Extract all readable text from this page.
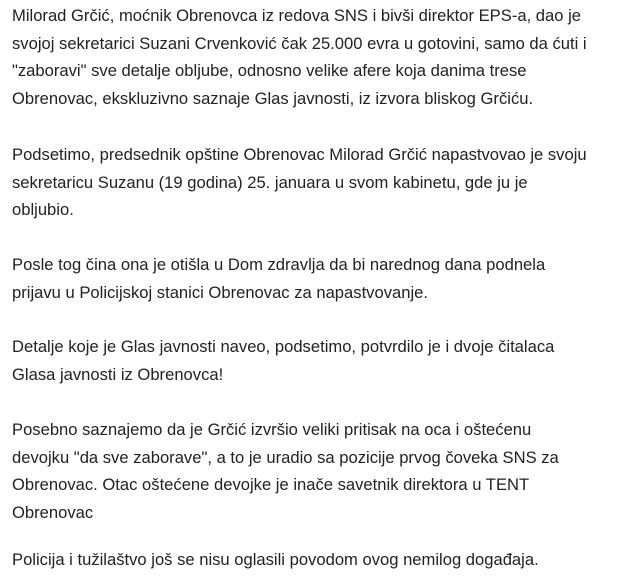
Milorad Grčić, moćnik Obrenovca iz redova SNS i bivši direktor EPS-a, dao je
svojoj sekretarici Suzani Crvenković čak 25.000 evra u gotovini, samo da ćuti i
"zaboravi" sve detalje obljube, odnosno velike afere koja danima trese
Obrenovac, ekskluzivno saznaje Glas javnosti, iz izvora bliskog Grčiću.

Podsetimo, predsednik opštine Obrenovac Milorad Grčić napastvovao je svoju
sekretaricu Suzanu (19 godina) 25. januara u svom kabinetu, gde ju je
obljubio.

Posle tog čina ona je otišla u Dom zdravlja da bi narednog dana podnela
prijavu u Policijskoj stanici Obrenovac za napastvovanje.

Detalje koje je Glas javnosti naveo, podsetimo, potvrdilo je i dvoje čitalaca
Glasa javnosti iz Obrenovca!

Posebno saznajemo da je Grčić izvršio veliki pritisak na oca i oštećenu
devojku "da sve zaborave", a to je uradio sa pozicije prvog čoveka SNS za
Obrenovac. Otac oštećene devojke je inače savetnik direktora u TENT
Obrenovac

Policija i tužilaštvo još se nisu oglasili povodom ovog nemilog događaja.
